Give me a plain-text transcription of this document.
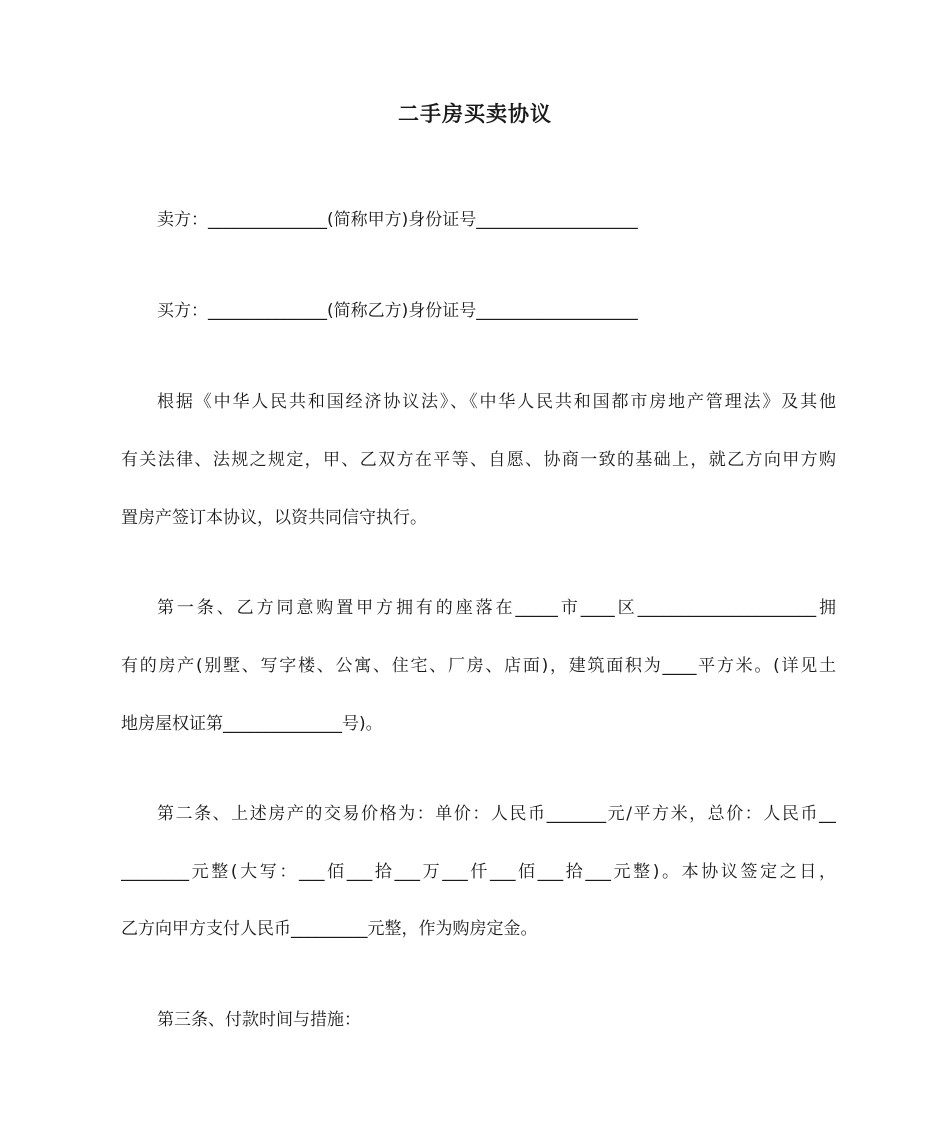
二手房买卖协议
卖方：______________(简称甲方)身份证号___________________
买方：______________(简称乙方)身份证号___________________
根据《中华人民共和国经济协议法》、《中华人民共和国都市房地产管理法》及其他
有关法律、法规之规定，甲、乙双方在平等、自愿、协商一致的基础上，就乙方向甲方购
置房产签订本协议，以资共同信守执行。
第一条、乙方同意购置甲方拥有的座落在_____市____区_____________________拥
有的房产(别墅、写字楼、公寓、住宅、厂房、店面)，建筑面积为____平方米。(详见土
地房屋权证第______________号)。
第二条、上述房产的交易价格为：单价：人民币_______元/平方米，总价：人民币__
________元整(大写：___佰___拾___万___仟___佰___拾___元整)。本协议签定之日，
乙方向甲方支付人民币_________元整，作为购房定金。
第三条、付款时间与措施：
